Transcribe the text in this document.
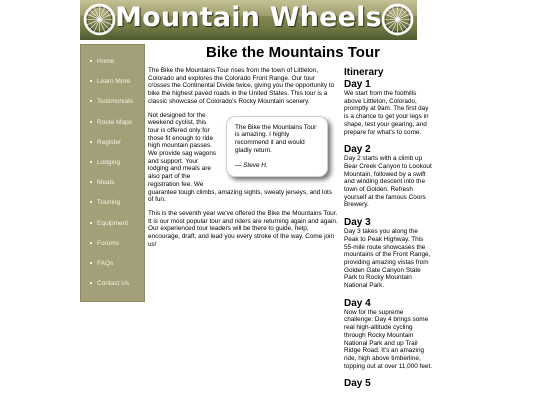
Mountain Wheels
Home
Learn More
Testimonials
Route Maps
Register
Lodging
Meals
Training
Equipment
Forums
FAQs
Contact Us
Bike the Mountains Tour

The Bike the Mountains Tour rises from the town of Littleton, Colorado and explores the Colorado Front Range. Our tour crosses the Continental Divide twice, giving you the opportunity to bike the highest paved roads in the United States. This tour is a classic showcase of Colorado's Rocky Mountain scenery.

The Bike the Mountains Tour is amazing. I highly recommend it and would gladly return.
— Steve H.

Not designed for the weekend cyclist, this tour is offered only for those fit enough to ride high mountain passes. We provide sag wagons and support. Your lodging and meals are also part of the registration fee. We guarantee tough climbs, amazing sights, sweaty jerseys, and lots of fun.

This is the seventh year we've offered the Bike the Mountains Tour. It is our most popular tour and riders are returning again and again. Our experienced tour leaders will be there to guide, help, encourage, draft, and lead you every stroke of the way. Come join us!

Itinerary
Day 1

We start from the foothills above Littleton, Colorado, promptly at 9am. The first day is a chance to get your legs in shape, test your gearing, and prepare for what's to come.

Day 2

Day 2 starts with a climb up Bear Creek Canyon to Lookout Mountain, followed by a swift and winding descent into the town of Golden. Refresh yourself at the famous Coors Brewery.

Day 3

Day 3 takes you along the Peak to Peak Highway. This 55-mile route showcases the mountains of the Front Range, providing amazing vistas from Golden Gate Canyon State Park to Rocky Mountain National Park.

Day 4

Now for the supreme challenge: Day 4 brings some real high-altitude cycling through Rocky Mountain National Park and up Trail Ridge Road. It's an amazing ride, high above timberline, topping out at over 11,000 feet.

Day 5
